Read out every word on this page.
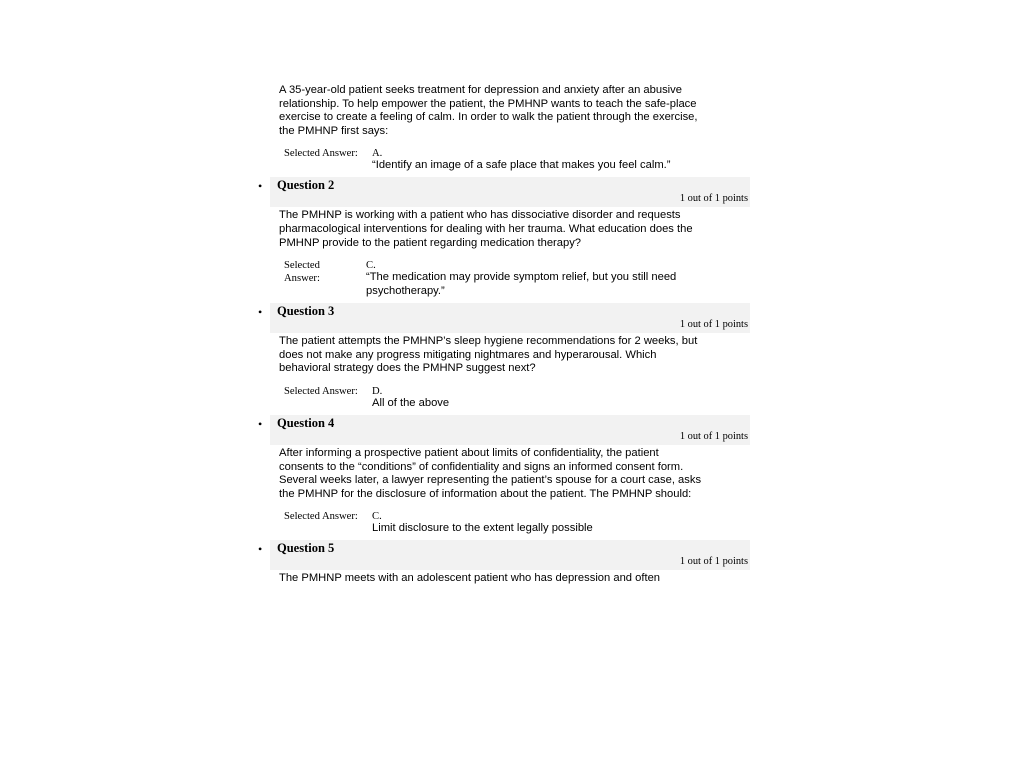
A 35-year-old patient seeks treatment for depression and anxiety after an abusive
relationship. To help empower the patient, the PMHNP wants to teach the safe-place
exercise to create a feeling of calm. In order to walk the patient through the exercise,
the PMHNP first says:
Selected Answer: A.
“Identify an image of a safe place that makes you feel calm.”
• Question 2
1 out of 1 points
The PMHNP is working with a patient who has dissociative disorder and requests
pharmacological interventions for dealing with her trauma. What education does the
PMHNP provide to the patient regarding medication therapy?
Selected
Answer:
C.
“The medication may provide symptom relief, but you still need
psychotherapy.”
• Question 3
1 out of 1 points
The patient attempts the PMHNP’s sleep hygiene recommendations for 2 weeks, but
does not make any progress mitigating nightmares and hyperarousal. Which
behavioral strategy does the PMHNP suggest next?
Selected Answer: D.
All of the above
• Question 4
1 out of 1 points
After informing a prospective patient about limits of confidentiality, the patient
consents to the “conditions” of confidentiality and signs an informed consent form.
Several weeks later, a lawyer representing the patient’s spouse for a court case, asks
the PMHNP for the disclosure of information about the patient. The PMHNP should:
Selected Answer: C.
Limit disclosure to the extent legally possible
• Question 5
1 out of 1 points
The PMHNP meets with an adolescent patient who has depression and often
